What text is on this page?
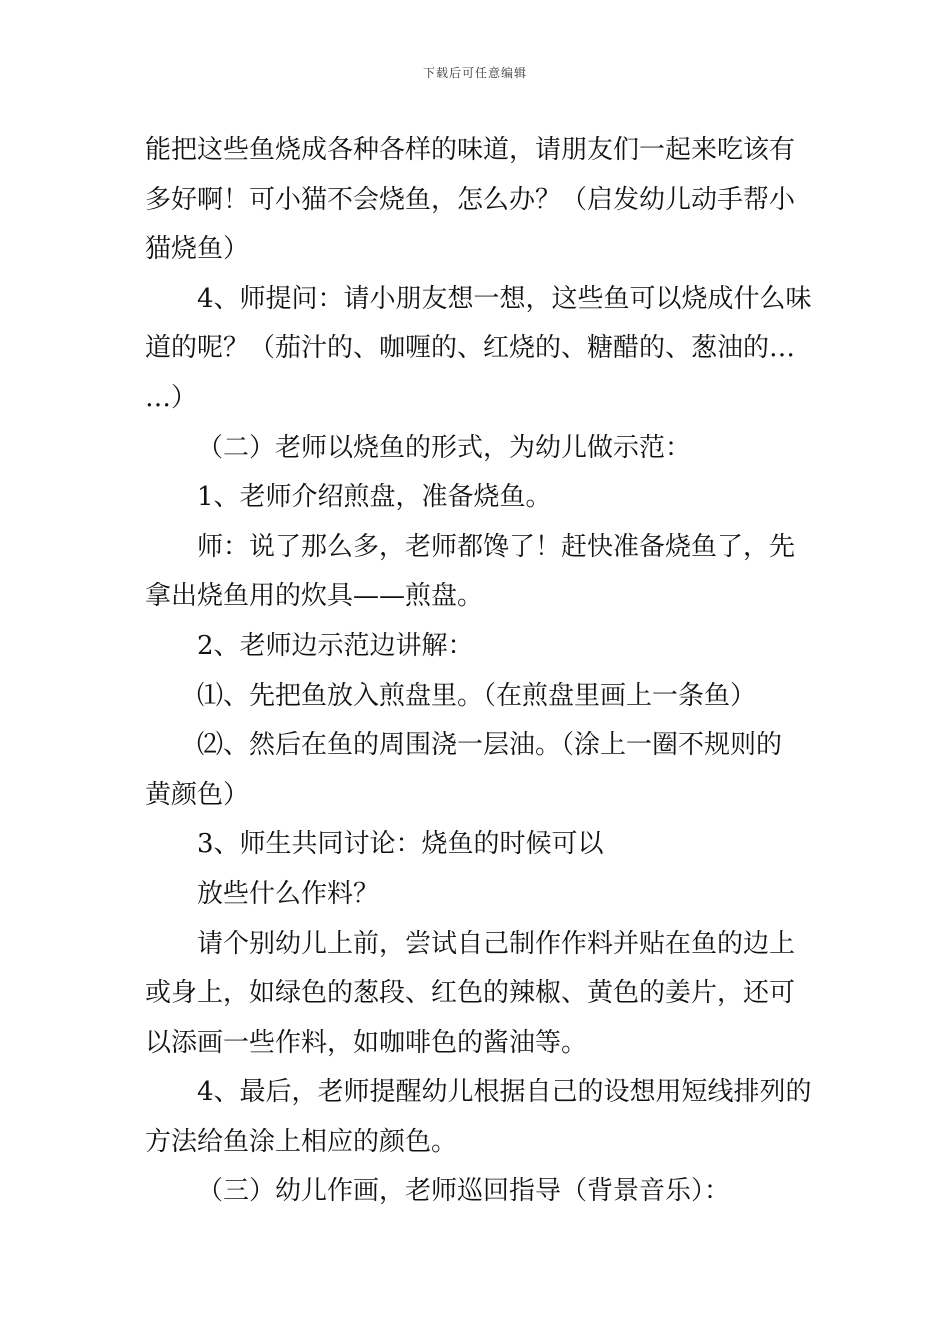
下载后可任意编辑

能把这些鱼烧成各种各样的味道，请朋友们一起来吃该有

多好啊！可小猫不会烧鱼，怎么办？（启发幼儿动手帮小

猫烧鱼）

4、师提问：请小朋友想一想，这些鱼可以烧成什么味

道的呢？（茄汁的、咖喱的、红烧的、糖醋的、葱油的…

…）

（二）老师以烧鱼的形式，为幼儿做示范：

1、老师介绍煎盘，准备烧鱼。

师：说了那么多，老师都馋了！赶快准备烧鱼了，先

拿出烧鱼用的炊具——煎盘。

2、老师边示范边讲解：

⑴、先把鱼放入煎盘里。（在煎盘里画上一条鱼）

⑵、然后在鱼的周围浇一层油。（涂上一圈不规则的

黄颜色）

3、师生共同讨论：烧鱼的时候可以

放些什么作料？

请个别幼儿上前，尝试自己制作作料并贴在鱼的边上

或身上，如绿色的葱段、红色的辣椒、黄色的姜片，还可

以添画一些作料，如咖啡色的酱油等。

4、最后，老师提醒幼儿根据自己的设想用短线排列的

方法给鱼涂上相应的颜色。

（三）幼儿作画，老师巡回指导（背景音乐）：
